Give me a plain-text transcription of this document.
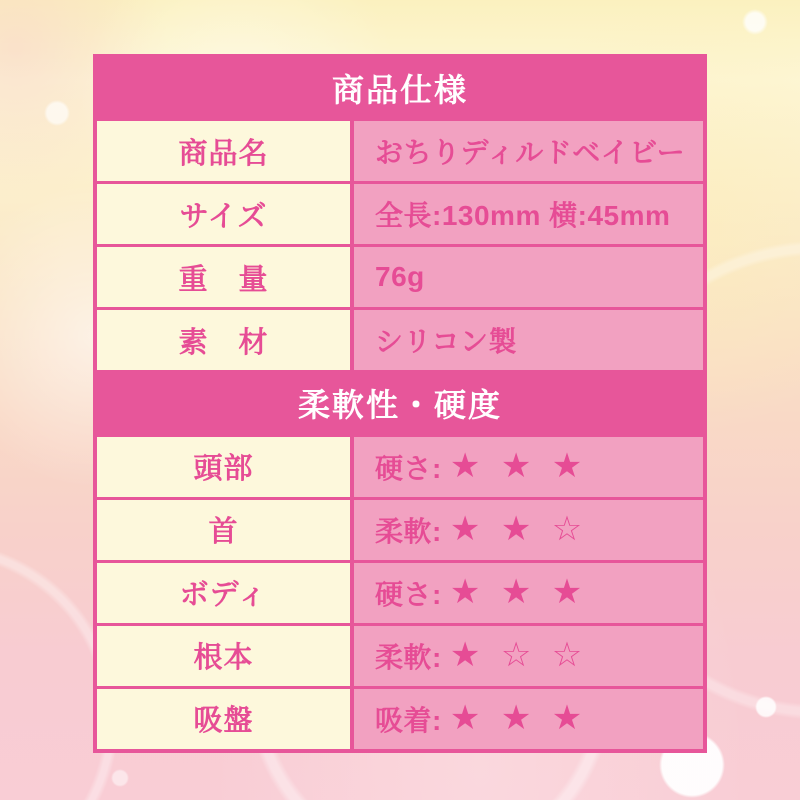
商品仕様
商品名	おちりディルドベイビー
サイズ	全長:130mm 横:45mm
重　量	76g
素　材	シリコン製
柔軟性・硬度
頭部	硬さ: ★ ★ ★
首	柔軟: ★ ★ ☆
ボディ	硬さ: ★ ★ ★
根本	柔軟: ★ ☆ ☆
吸盤	吸着: ★ ★ ★
